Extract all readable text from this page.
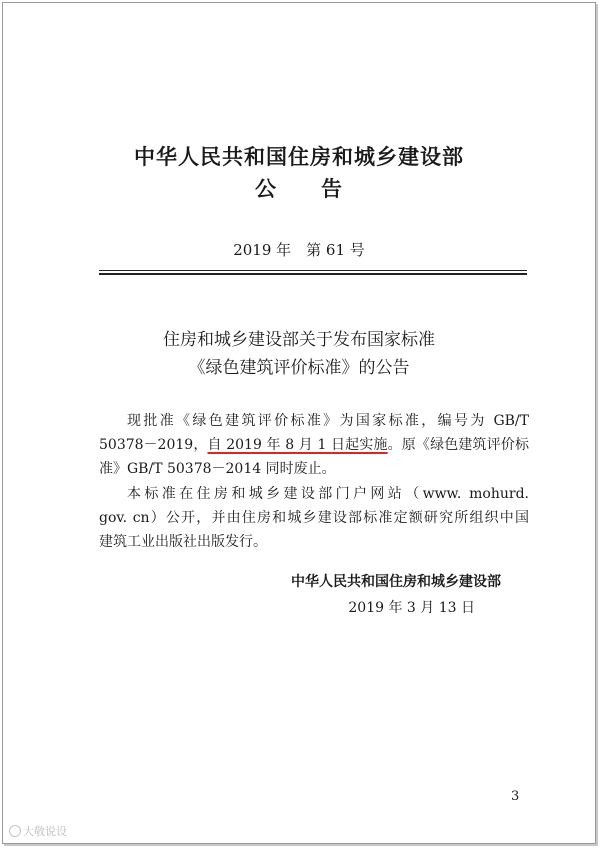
中华人民共和国住房和城乡建设部
公　　告
2019 年　第 61 号
住房和城乡建设部关于发布国家标准
《绿色建筑评价标准》的公告
现批准《绿色建筑评价标准》为国家标准，编号为 GB/T
50378－2019，自 2019 年 8 月 1 日起实施。原《绿色建筑评价标
准》GB/T 50378－2014 同时废止。
本标准在住房和城乡建设部门户网站（www. mohurd.
gov. cn）公开，并由住房和城乡建设部标准定额研究所组织中国
建筑工业出版社出版发行。
中华人民共和国住房和城乡建设部
2019 年 3 月 13 日
3
大敬说设
